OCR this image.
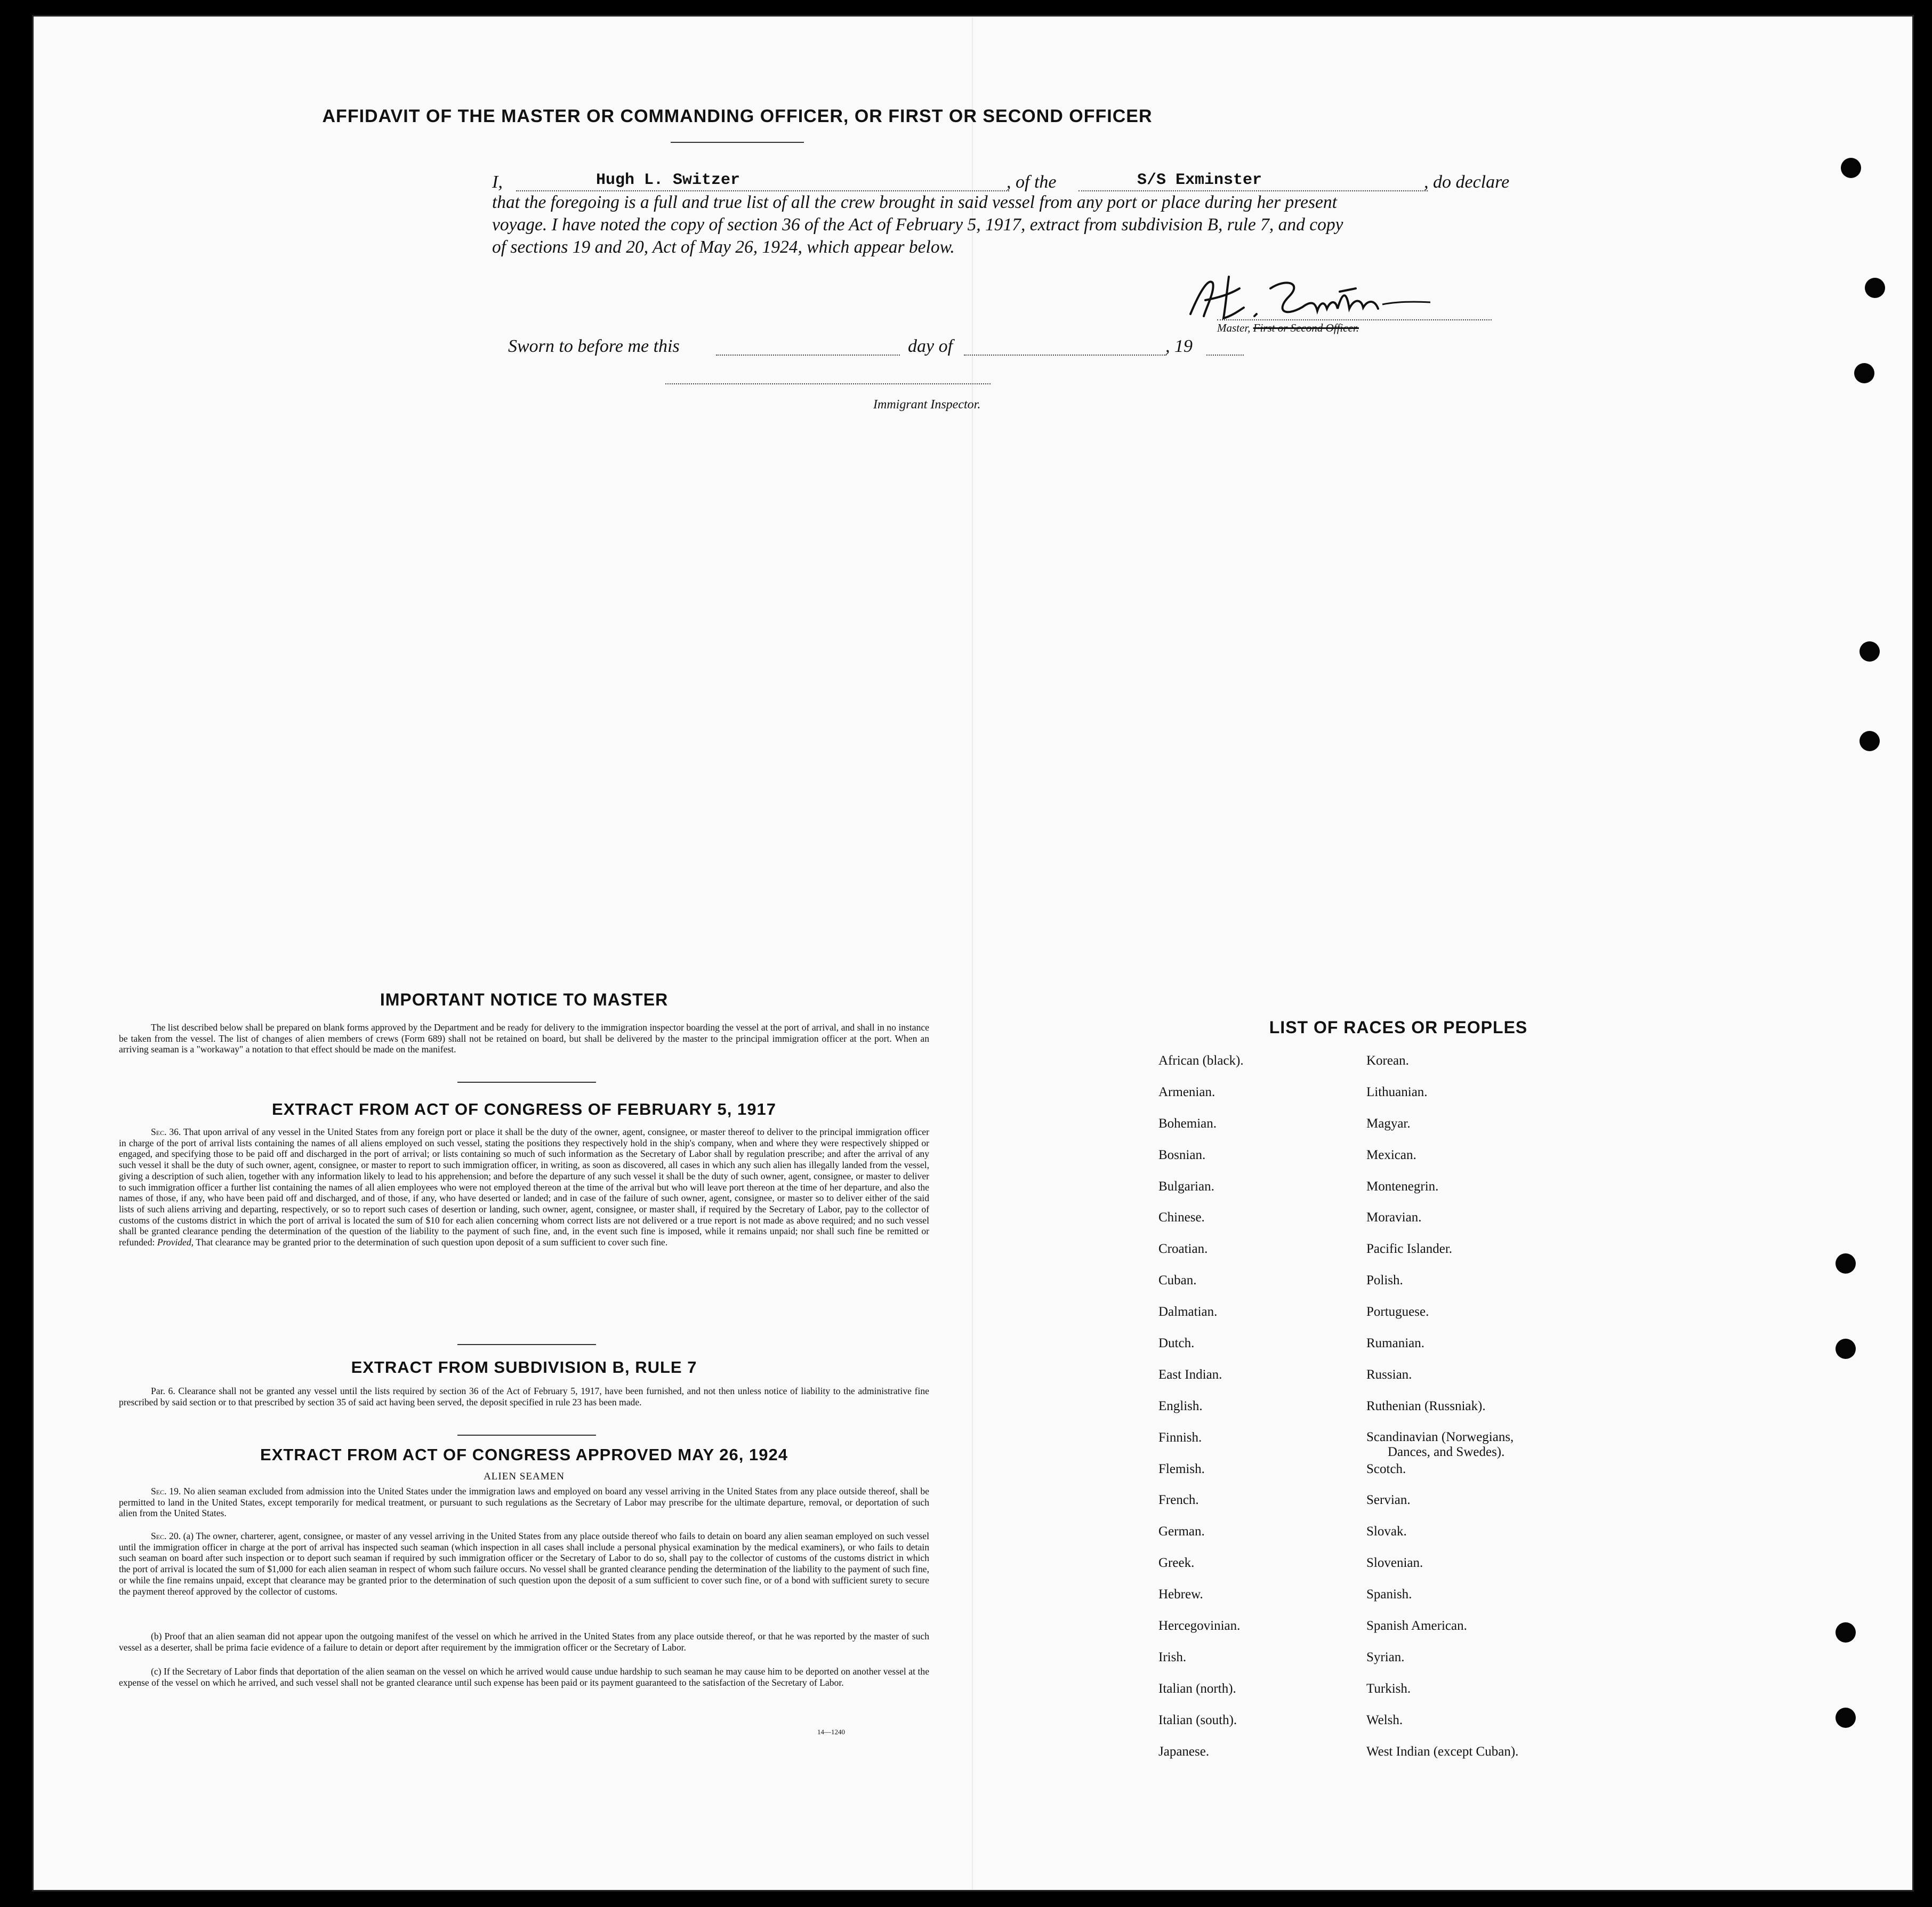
AFFIDAVIT OF THE MASTER OR COMMANDING OFFICER, OR FIRST OR SECOND OFFICER
I,	Hugh L. Switzer	, of the	S/S Exminster	, do declare
that the foregoing is a full and true list of all the crew brought in said vessel from any port or place during her present
voyage. I have noted the copy of section 36 of the Act of February 5, 1917, extract from subdivision B, rule 7, and copy
of sections 19 and 20, Act of May 26, 1924, which appear below.
Master, First or Second Officer.
Sworn to before me this	day of	, 19
Immigrant Inspector.
IMPORTANT NOTICE TO MASTER

The list described below shall be prepared on blank forms approved by the Department and be ready for delivery to the immigration inspector boarding the vessel at the port of arrival, and shall in no instance be taken from the vessel. The list of changes of alien members of crews (Form 689) shall not be retained on board, but shall be delivered by the master to the principal immigration officer at the port. When an arriving seaman is a "workaway" a notation to that effect should be made on the manifest.

EXTRACT FROM ACT OF CONGRESS OF FEBRUARY 5, 1917

Sec. 36. That upon arrival of any vessel in the United States from any foreign port or place it shall be the duty of the owner, agent, consignee, or master thereof to deliver to the principal immigration officer in charge of the port of arrival lists containing the names of all aliens employed on such vessel, stating the positions they respectively hold in the ship's company, when and where they were respectively shipped or engaged, and specifying those to be paid off and discharged in the port of arrival; or lists containing so much of such information as the Secretary of Labor shall by regulation prescribe; and after the arrival of any such vessel it shall be the duty of such owner, agent, consignee, or master to report to such immigration officer, in writing, as soon as discovered, all cases in which any such alien has illegally landed from the vessel, giving a description of such alien, together with any information likely to lead to his apprehension; and before the departure of any such vessel it shall be the duty of such owner, agent, consignee, or master to deliver to such immigration officer a further list containing the names of all alien employees who were not employed thereon at the time of the arrival but who will leave port thereon at the time of her departure, and also the names of those, if any, who have been paid off and discharged, and of those, if any, who have deserted or landed; and in case of the failure of such owner, agent, consignee, or master so to deliver either of the said lists of such aliens arriving and departing, respectively, or so to report such cases of desertion or landing, such owner, agent, consignee, or master shall, if required by the Secretary of Labor, pay to the collector of customs of the customs district in which the port of arrival is located the sum of $10 for each alien concerning whom correct lists are not delivered or a true report is not made as above required; and no such vessel shall be granted clearance pending the determination of the question of the liability to the payment of such fine, and, in the event such fine is imposed, while it remains unpaid; nor shall such fine be remitted or refunded: Provided, That clearance may be granted prior to the determination of such question upon deposit of a sum sufficient to cover such fine.

EXTRACT FROM SUBDIVISION B, RULE 7

Par. 6. Clearance shall not be granted any vessel until the lists required by section 36 of the Act of February 5, 1917, have been furnished, and not then unless notice of liability to the administrative fine prescribed by said section or to that prescribed by section 35 of said act having been served, the deposit specified in rule 23 has been made.

EXTRACT FROM ACT OF CONGRESS APPROVED MAY 26, 1924
ALIEN SEAMEN

Sec. 19. No alien seaman excluded from admission into the United States under the immigration laws and employed on board any vessel arriving in the United States from any place outside thereof, shall be permitted to land in the United States, except temporarily for medical treatment, or pursuant to such regulations as the Secretary of Labor may prescribe for the ultimate departure, removal, or deportation of such alien from the United States.

Sec. 20. (a) The owner, charterer, agent, consignee, or master of any vessel arriving in the United States from any place outside thereof who fails to detain on board any alien seaman employed on such vessel until the immigration officer in charge at the port of arrival has inspected such seaman (which inspection in all cases shall include a personal physical examination by the medical examiners), or who fails to detain such seaman on board after such inspection or to deport such seaman if required by such immigration officer or the Secretary of Labor to do so, shall pay to the collector of customs of the customs district in which the port of arrival is located the sum of $1,000 for each alien seaman in respect of whom such failure occurs. No vessel shall be granted clearance pending the determination of the liability to the payment of such fine, or while the fine remains unpaid, except that clearance may be granted prior to the determination of such question upon the deposit of a sum sufficient to cover such fine, or of a bond with sufficient surety to secure the payment thereof approved by the collector of customs.

(b) Proof that an alien seaman did not appear upon the outgoing manifest of the vessel on which he arrived in the United States from any place outside thereof, or that he was reported by the master of such vessel as a deserter, shall be prima facie evidence of a failure to detain or deport after requirement by the immigration officer or the Secretary of Labor.

(c) If the Secretary of Labor finds that deportation of the alien seaman on the vessel on which he arrived would cause undue hardship to such seaman he may cause him to be deported on another vessel at the expense of the vessel on which he arrived, and such vessel shall not be granted clearance until such expense has been paid or its payment guaranteed to the satisfaction of the Secretary of Labor.

14—1240
LIST OF RACES OR PEOPLES
African (black).
Armenian.
Bohemian.
Bosnian.
Bulgarian.
Chinese.
Croatian.
Cuban.
Dalmatian.
Dutch.
East Indian.
English.
Finnish.
Flemish.
French.
German.
Greek.
Hebrew.
Hercegovinian.
Irish.
Italian (north).
Italian (south).
Japanese.
Korean.
Lithuanian.
Magyar.
Mexican.
Montenegrin.
Moravian.
Pacific Islander.
Polish.
Portuguese.
Rumanian.
Russian.
Ruthenian (Russniak).
Scandinavian (Norwegians,
Dances, and Swedes).
Scotch.
Servian.
Slovak.
Slovenian.
Spanish.
Spanish American.
Syrian.
Turkish.
Welsh.
West Indian (except Cuban).
